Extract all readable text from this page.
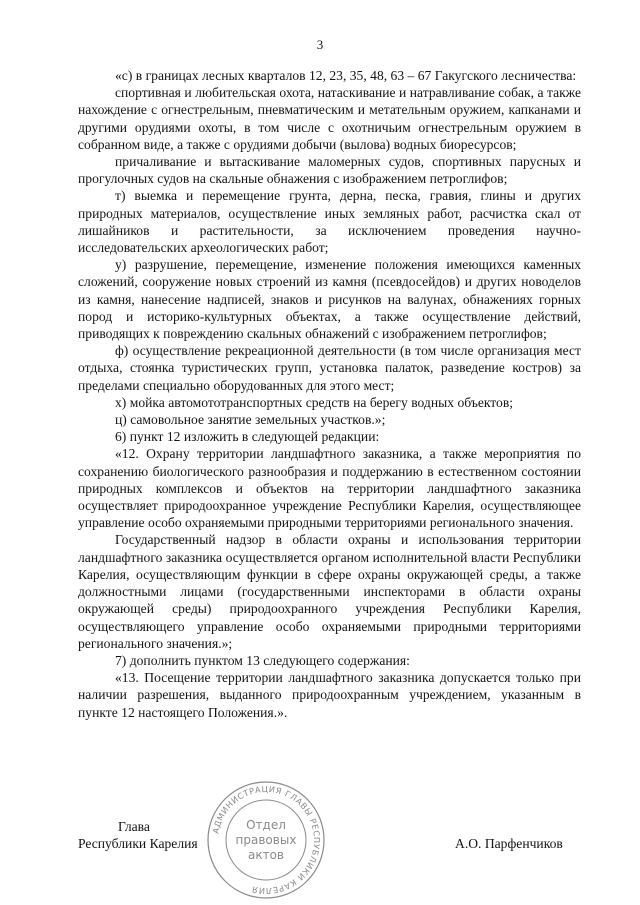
3

«с) в границах лесных кварталов 12, 23, 35, 48, 63 – 67 Гакугского лесничества:

спортивная и любительская охота, натаскивание и натравливание собак, а также нахождение с огнестрельным, пневматическим и метательным оружием, капканами и другими орудиями охоты, в том числе с охотничьим огнестрельным оружием в собранном виде, а также с орудиями добычи (вылова) водных биоресурсов;

причаливание и вытаскивание маломерных судов, спортивных парусных и прогулочных судов на скальные обнажения с изображением петроглифов;

т) выемка и перемещение грунта, дерна, песка, гравия, глины и других природных материалов, осуществление иных земляных работ, расчистка скал от лишайников и растительности, за исключением проведения научно-исследовательских археологических работ;

у) разрушение, перемещение, изменение положения имеющихся каменных сложений, сооружение новых строений из камня (псевдосейдов) и других новоделов из камня, нанесение надписей, знаков и рисунков на валунах, обнажениях горных пород и историко-культурных объектах, а также осуществление действий, приводящих к повреждению скальных обнажений с изображением петроглифов;

ф) осуществление рекреационной деятельности (в том числе организация мест отдыха, стоянка туристических групп, установка палаток, разведение костров) за пределами специально оборудованных для этого мест;

х) мойка автомототранспортных средств на берегу водных объектов;

ц) самовольное занятие земельных участков.»;

6) пункт 12 изложить в следующей редакции:

«12. Охрану территории ландшафтного заказника, а также мероприятия по сохранению биологического разнообразия и поддержанию в естественном состоянии природных комплексов и объектов на территории ландшафтного заказника осуществляет природоохранное учреждение Республики Карелия, осуществляющее управление особо охраняемыми природными территориями регионального значения.

Государственный надзор в области охраны и использования территории ландшафтного заказника осуществляется органом исполнительной власти Республики Карелия, осуществляющим функции в сфере охраны окружающей среды, а также должностными лицами (государственными инспекторами в области охраны окружающей среды) природоохранного учреждения Республики Карелия, осуществляющего управление особо охраняемыми природными территориями регионального значения.»;

7) дополнить пунктом 13 следующего содержания:

«13. Посещение территории ландшафтного заказника допускается только при наличии разрешения, выданного природоохранным учреждением, указанным в пункте 12 настоящего Положения.».

Глава
Республики Карелия	А.О. Парфенчиков
АДМИНИСТРАЦИЯ ГЛАВЫ РЕСПУБЛИКИ КАРЕЛИЯ
Отдел
правовых
актов
